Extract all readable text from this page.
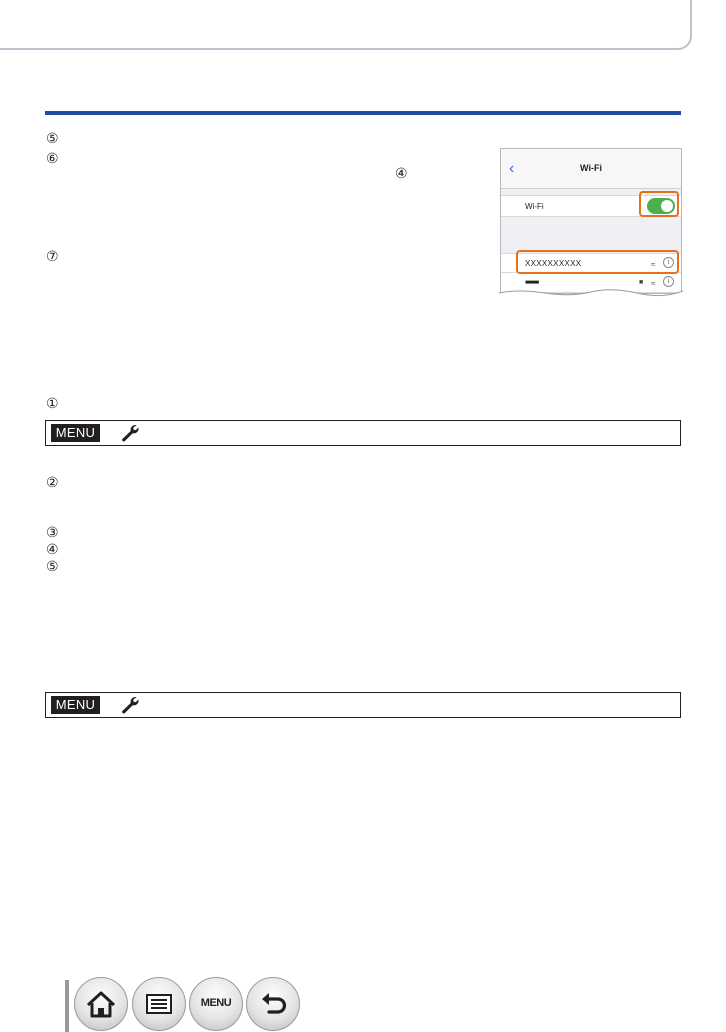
⑤
⑥
④
⑦
‹	Wi-Fi
Wi-Fi
XXXXXXXXXX	≈	i
■■■■■	■ ≈	i
①
MENU
②
③
④
⑤
MENU
MENU
